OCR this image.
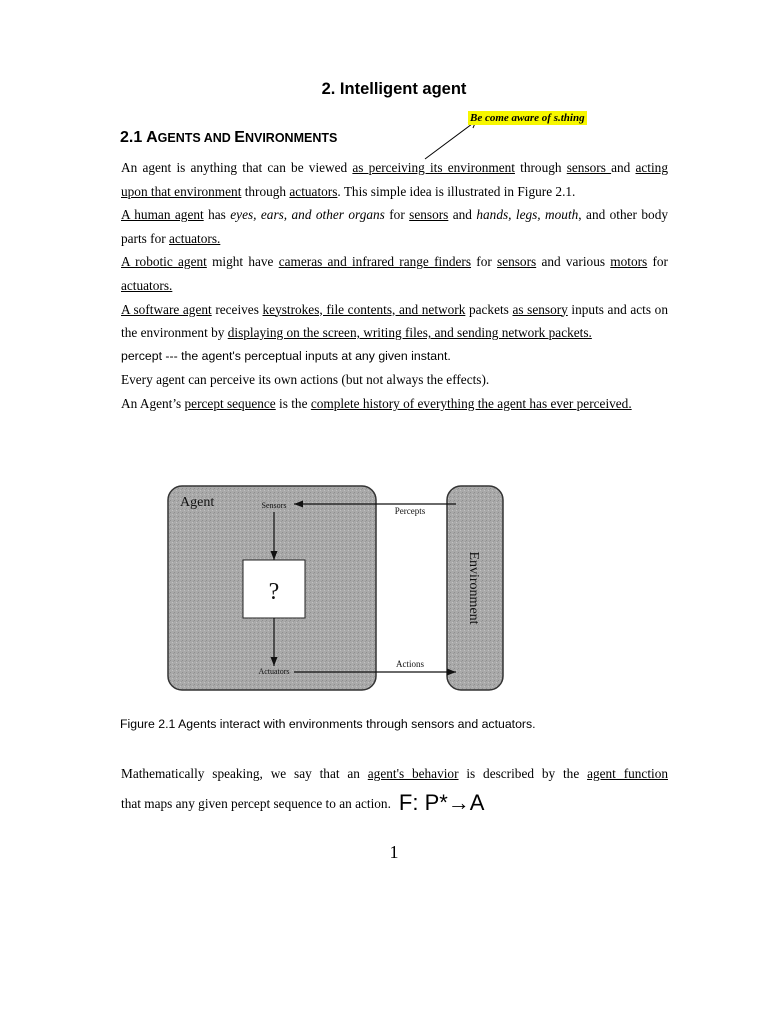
2. Intelligent agent
Be come aware of s.thing
2.1 AGENTS AND ENVIRONMENTS

An agent is anything that can be viewed as perceiving its environment through sensors and acting upon that environment through actuators. This simple idea is illustrated in Figure 2.1.

A human agent has eyes, ears, and other organs for sensors and hands, legs, mouth, and other body parts for actuators.

A robotic agent might have cameras and infrared range finders for sensors and various motors for actuators.

A software agent receives keystrokes, file contents, and network packets as sensory inputs and acts on the environment by displaying on the screen, writing files, and sending network packets.

percept --- the agent's perceptual inputs at any given instant.

Every agent can perceive its own actions (but not always the effects).

An Agent’s percept sequence is the complete history of everything the agent has ever perceived.

?
Agent	Sensors
Actuators
Percepts
Actions
Environment
Figure 2.1 Agents interact with environments through sensors and actuators.

Mathematically speaking, we say that an agent's behavior is described by the agent function

that maps any given percept sequence to an action. F: P*→A
1
